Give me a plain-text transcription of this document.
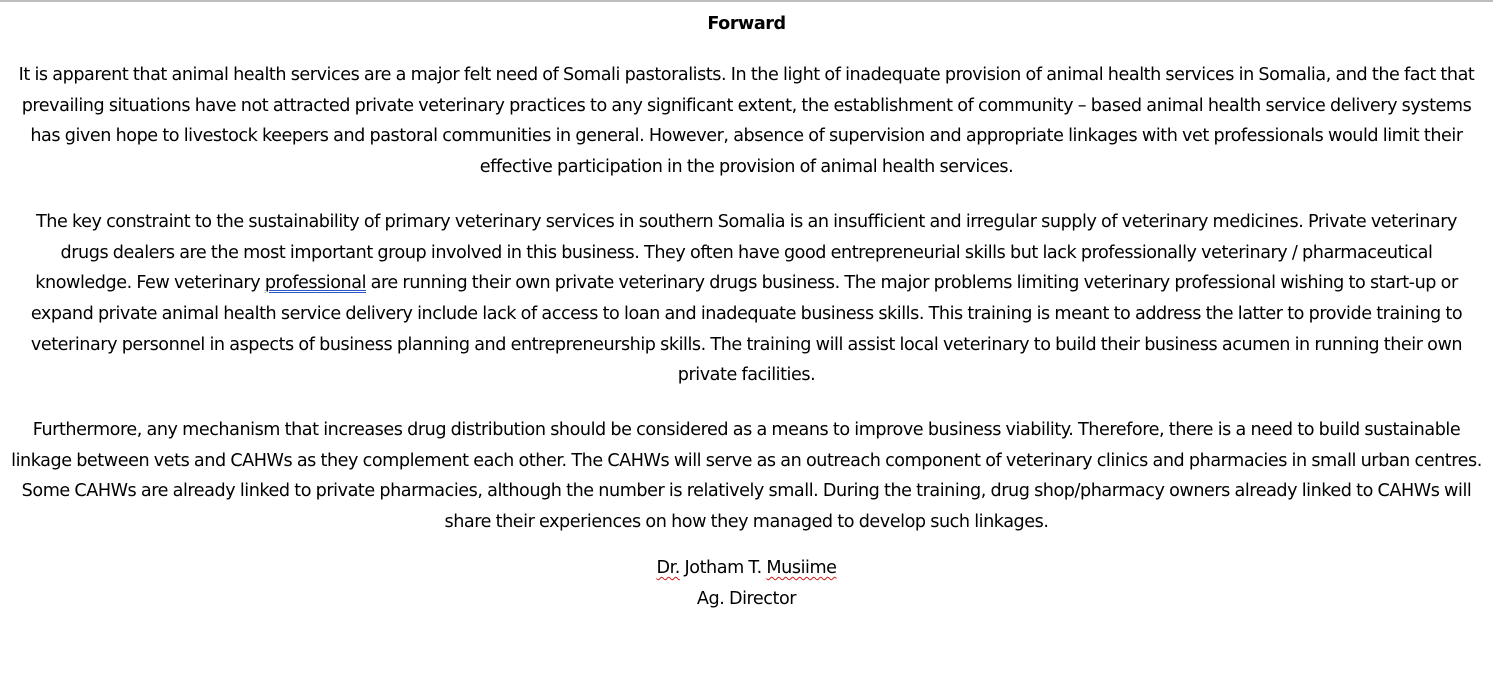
Forward

It is apparent that animal health services are a major felt need of Somali pastoralists. In the light of inadequate provision of animal health services in Somalia, and the fact that prevailing situations have not attracted private veterinary practices to any significant extent, the establishment of community – based animal health service delivery systems has given hope to livestock keepers and pastoral communities in general. However, absence of supervision and appropriate linkages with vet professionals would limit their effective participation in the provision of animal health services.

The key constraint to the sustainability of primary veterinary services in southern Somalia is an insufficient and irregular supply of veterinary medicines. Private veterinary drugs dealers are the most important group involved in this business. They often have good entrepreneurial skills but lack professionally veterinary / pharmaceutical knowledge. Few veterinary professional are running their own private veterinary drugs business. The major problems limiting veterinary professional wishing to start-up or expand private animal health service delivery include lack of access to loan and inadequate business skills. This training is meant to address the latter to provide training to veterinary personnel in aspects of business planning and entrepreneurship skills. The training will assist local veterinary to build their business acumen in running their own private facilities.

Furthermore, any mechanism that increases drug distribution should be considered as a means to improve business viability. Therefore, there is a need to build sustainable linkage between vets and CAHWs as they complement each other. The CAHWs will serve as an outreach component of veterinary clinics and pharmacies in small urban centres. Some CAHWs are already linked to private pharmacies, although the number is relatively small. During the training, drug shop/pharmacy owners already linked to CAHWs will share their experiences on how they managed to develop such linkages.

Dr. Jotham T. Musiime

Ag. Director
